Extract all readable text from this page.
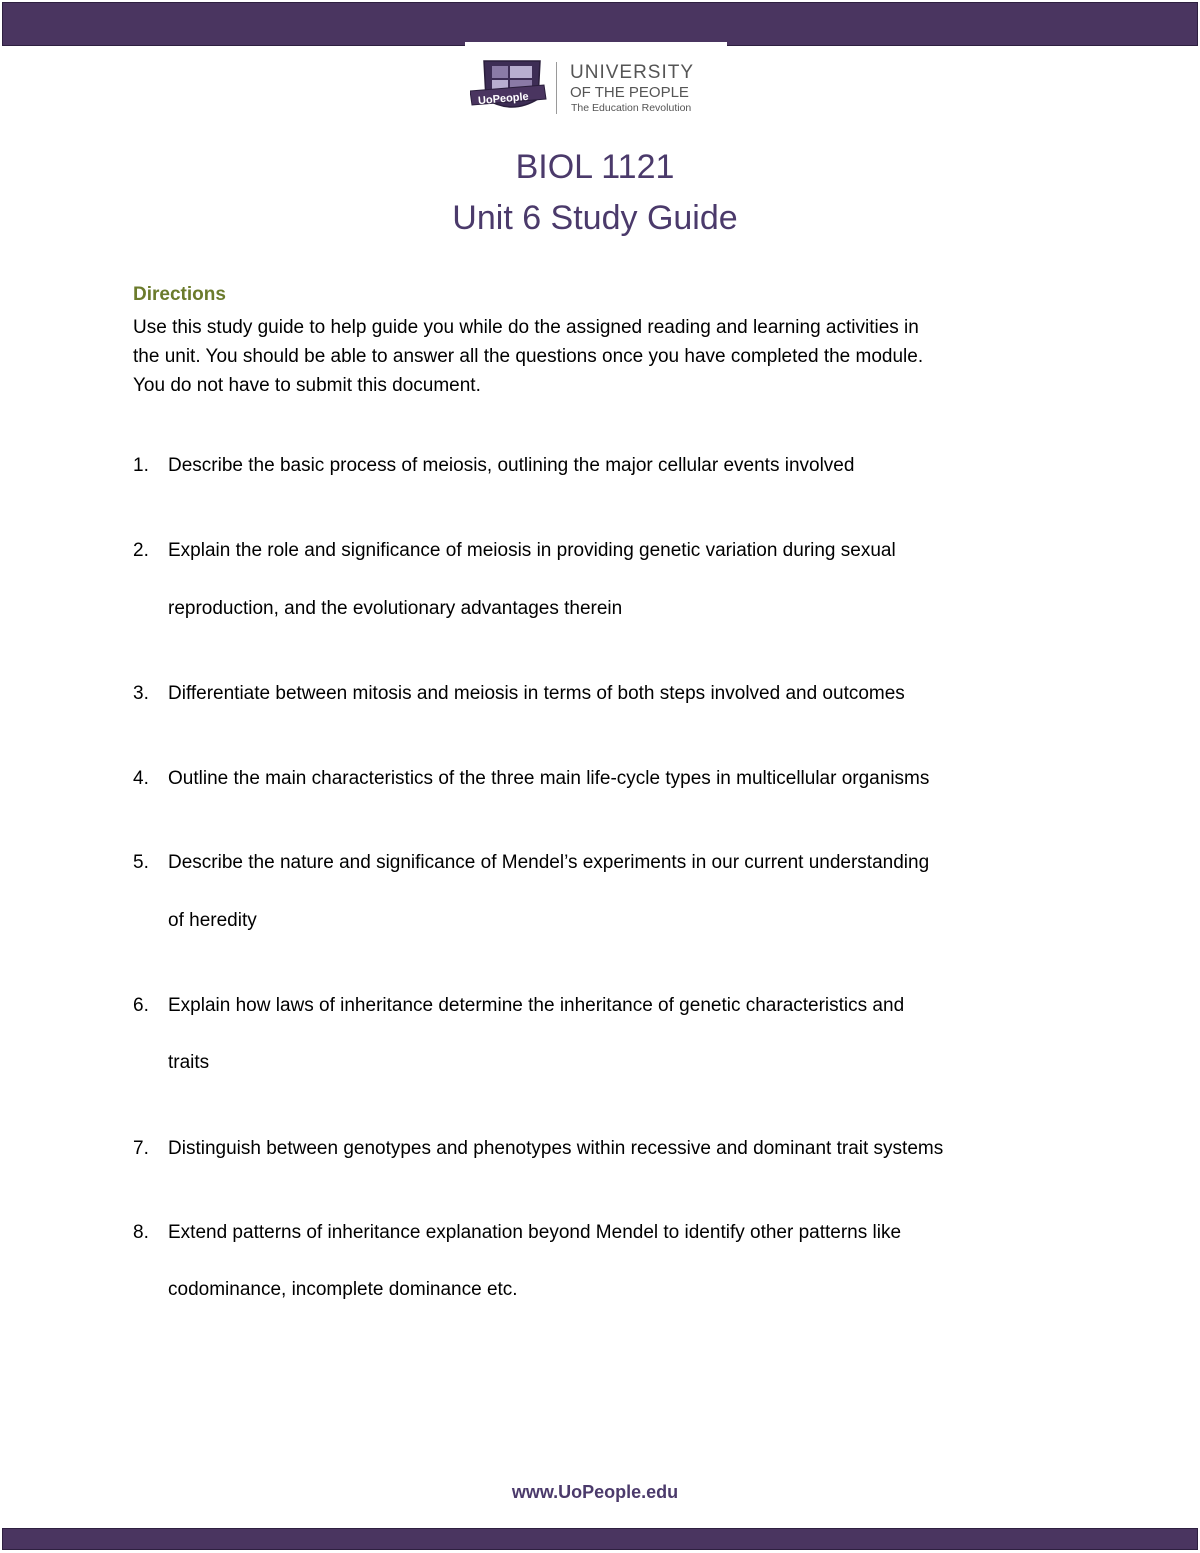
UoPeople
UNIVERSITY
OF THE PEOPLE
The Education Revolution
BIOL 1121
Unit 6 Study Guide
Directions

Use this study guide to help guide you while do the assigned reading and learning activities in

the unit. You should be able to answer all the questions once you have completed the module.

You do not have to submit this document.

1. Describe the basic process of meiosis, outlining the major cellular events involved
2. Explain the role and significance of meiosis in providing genetic variation during sexual
reproduction, and the evolutionary advantages therein
3. Differentiate between mitosis and meiosis in terms of both steps involved and outcomes
4. Outline the main characteristics of the three main life-cycle types in multicellular organisms
5. Describe the nature and significance of Mendel’s experiments in our current understanding
of heredity
6. Explain how laws of inheritance determine the inheritance of genetic characteristics and
traits
7. Distinguish between genotypes and phenotypes within recessive and dominant trait systems
8. Extend patterns of inheritance explanation beyond Mendel to identify other patterns like
codominance, incomplete dominance etc.
www.UoPeople.edu
